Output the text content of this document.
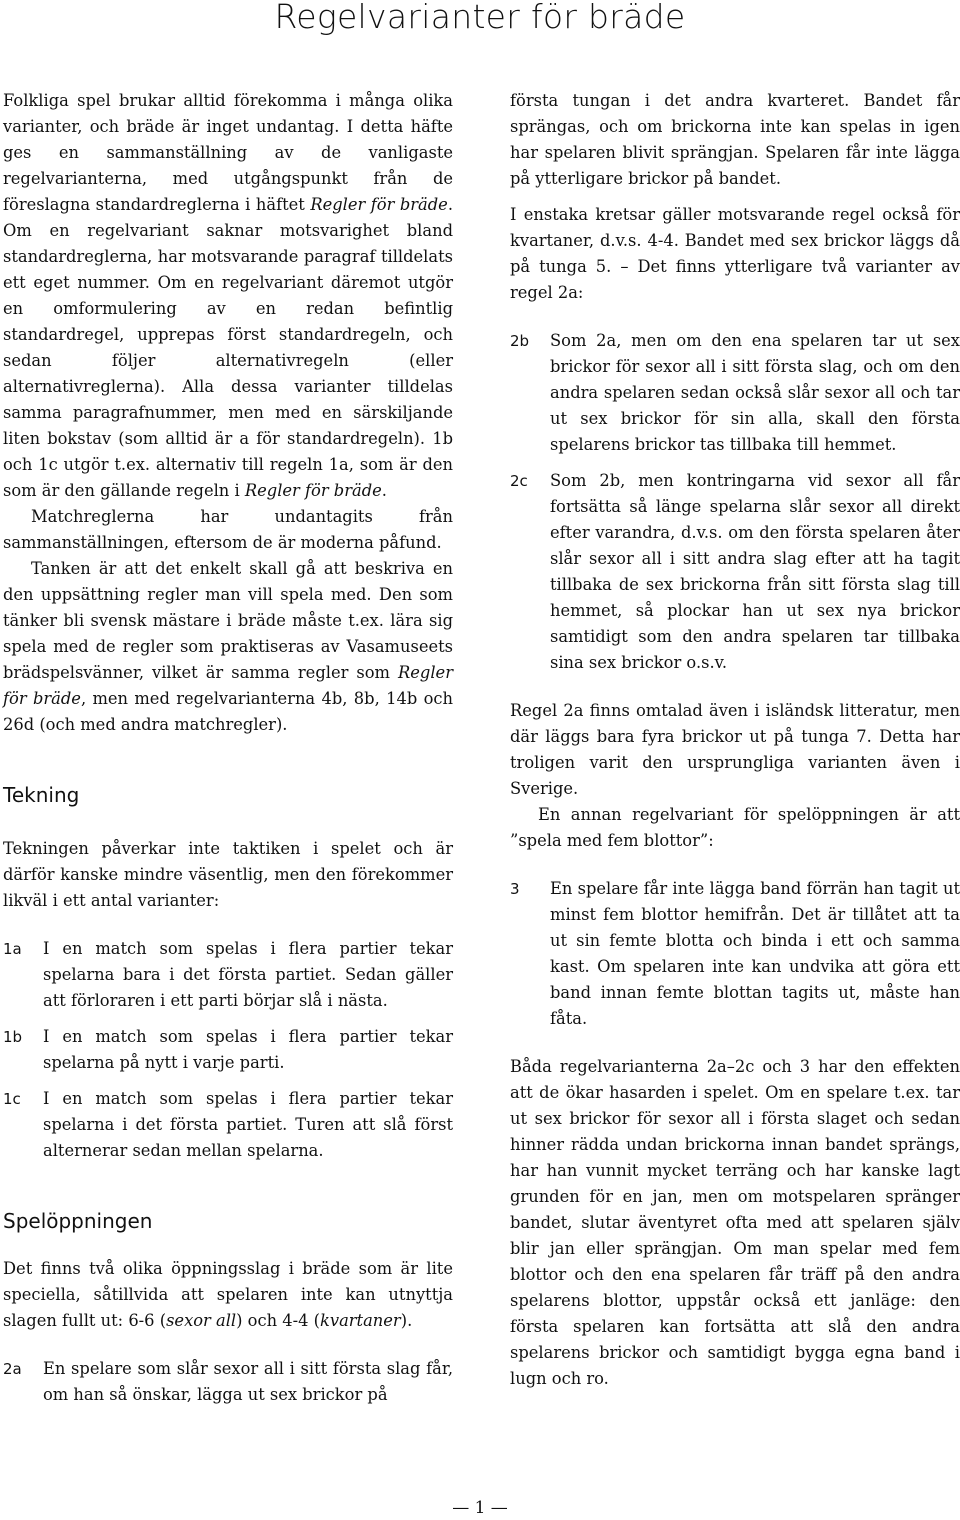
Regelvarianter för bräde

Folkliga spel brukar alltid förekomma i många olika varianter, och bräde är inget undantag. I detta häfte ges en sammanställning av de vanligaste regelvarianterna, med utgångspunkt från de föreslagna standardreglerna i häftet Regler för bräde. Om en regelvariant saknar motsvarighet bland standardreglerna, har motsvarande paragraf tilldelats ett eget nummer. Om en regelvariant däremot utgör en omformulering av en redan befintlig standardregel, upprepas först standardregeln, och sedan följer alternativregeln (eller alternativreglerna). Alla dessa varianter tilldelas samma paragrafnummer, men med en särskiljande liten bokstav (som alltid är a för standardregeln). 1b och 1c utgör t.ex. alternativ till regeln 1a, som är den som är den gällande regeln i Regler för bräde.

Matchreglerna har undantagits från sammanställningen, eftersom de är moderna påfund.

Tanken är att det enkelt skall gå att beskriva en den uppsättning regler man vill spela med. Den som tänker bli svensk mästare i bräde måste t.ex. lära sig spela med de regler som praktiseras av Vasamuseets brädspelsvänner, vilket är samma regler som Regler för bräde, men med regelvarianterna 4b, 8b, 14b och 26d (och med andra matchregler).

Tekning

Tekningen påverkar inte taktiken i spelet och är därför kanske mindre väsentlig, men den förekommer likväl i ett antal varianter:

1a	I en match som spelas i flera partier tekar spelarna bara i det första partiet. Sedan gäller att förloraren i ett parti börjar slå i nästa.
1b	I en match som spelas i flera partier tekar spelarna på nytt i varje parti.
1c	I en match som spelas i flera partier tekar spelarna i det första partiet. Turen att slå först alternerar sedan mellan spelarna.
Spelöppningen

Det finns två olika öppningsslag i bräde som är lite speciella, såtillvida att spelaren inte kan utnyttja slagen fullt ut: 6-6 (sexor all) och 4-4 (kvartaner).

2a	En spelare som slår sexor all i sitt första slag får, om han så önskar, lägga ut sex brickor på

första tungan i det andra kvarteret. Bandet får sprängas, och om brickorna inte kan spelas in igen har spelaren blivit sprängjan. Spelaren får inte lägga på ytterligare brickor på bandet.

I enstaka kretsar gäller motsvarande regel också för kvartaner, d.v.s. 4-4. Bandet med sex brickor läggs då på tunga 5. – Det finns ytterligare två varianter av regel 2a:

2b	Som 2a, men om den ena spelaren tar ut sex brickor för sexor all i sitt första slag, och om den andra spelaren sedan också slår sexor all och tar ut sex brickor för sin alla, skall den första spelarens brickor tas tillbaka till hemmet.
2c	Som 2b, men kontringarna vid sexor all får fortsätta så länge spelarna slår sexor all direkt efter varandra, d.v.s. om den första spelaren åter slår sexor all i sitt andra slag efter att ha tagit tillbaka de sex brickorna från sitt första slag till hemmet, så plockar han ut sex nya brickor samtidigt som den andra spelaren tar tillbaka sina sex brickor o.s.v.

Regel 2a finns omtalad även i isländsk litteratur, men där läggs bara fyra brickor ut på tunga 7. Detta har troligen varit den ursprungliga varianten även i Sverige.

En annan regelvariant för spelöppningen är att ”spela med fem blottor”:

3	En spelare får inte lägga band förrän han tagit ut minst fem blottor hemifrån. Det är tillåtet att ta ut sin femte blotta och binda i ett och samma kast. Om spelaren inte kan undvika att göra ett band innan femte blottan tagits ut, måste han fåta.

Båda regelvarianterna 2a–2c och 3 har den effekten att de ökar hasarden i spelet. Om en spelare t.ex. tar ut sex brickor för sexor all i första slaget och sedan hinner rädda undan brickorna innan bandet sprängs, har han vunnit mycket terräng och har kanske lagt grunden för en jan, men om motspelaren spränger bandet, slutar äventyret ofta med att spelaren själv blir jan eller sprängjan. Om man spelar med fem blottor och den ena spelaren får träff på den andra spelarens blottor, uppstår också ett janläge: den första spelaren kan fortsätta att slå den andra spelarens brickor och samtidigt bygga egna band i lugn och ro.

— 1 —
